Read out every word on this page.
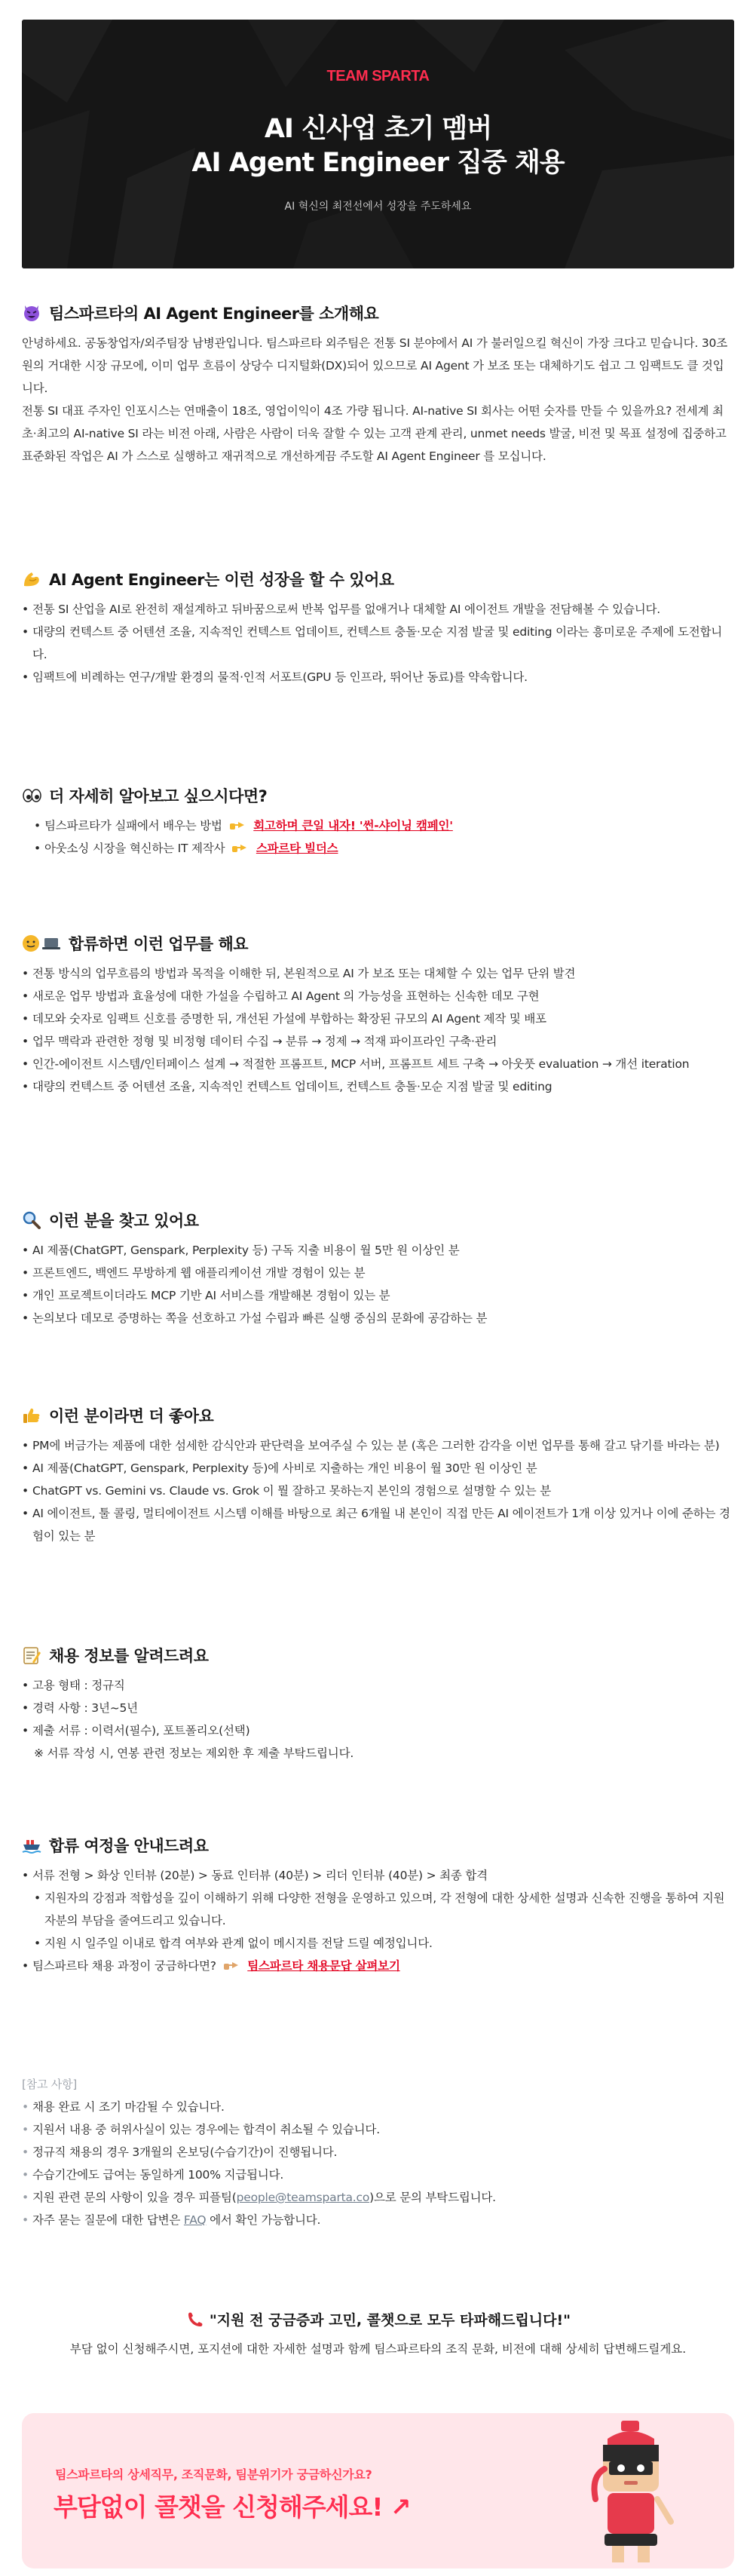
TEAM SPARTA
AI 신사업 초기 멤버
AI Agent Engineer 집중 채용
AI 혁신의 최전선에서 성장을 주도하세요
팀스파르타의 AI Agent Engineer를 소개해요

안녕하세요. 공동창업자/외주팀장 남병관입니다. 팀스파르타 외주팀은 전통 SI 분야에서 AI 가 불러일으킬 혁신이 가장 크다고 믿습니다. 30조 원의 거대한 시장 규모에, 이미 업무 흐름이 상당수 디지털화(DX)되어 있으므로 AI Agent 가 보조 또는 대체하기도 쉽고 그 임팩트도 클 것입니다.

전통 SI 대표 주자인 인포시스는 연매출이 18조, 영업이익이 4조 가량 됩니다. AI-native SI 회사는 어떤 숫자를 만들 수 있을까요? 전세계 최초·최고의 AI-native SI 라는 비전 아래, 사람은 사람이 더욱 잘할 수 있는 고객 관계 관리, unmet needs 발굴, 비전 및 목표 설정에 집중하고 표준화된 작업은 AI 가 스스로 실행하고 재귀적으로 개선하게끔 주도할 AI Agent Engineer 를 모십니다.

AI Agent Engineer는 이런 성장을 할 수 있어요
• 전통 SI 산업을 AI로 완전히 재설계하고 뒤바꿈으로써 반복 업무를 없애거나 대체할 AI 에이전트 개발을 전담해볼 수 있습니다.
• 대량의 컨텍스트 중 어텐션 조율, 지속적인 컨텍스트 업데이트, 컨텍스트 충돌·모순 지점 발굴 및 editing 이라는 흥미로운 주제에 도전합니다.
• 임팩트에 비례하는 연구/개발 환경의 물적·인적 서포트(GPU 등 인프라, 뛰어난 동료)를 약속합니다.
더 자세히 알아보고 싶으시다면?
• 팀스파르타가 실패에서 배우는 방법	회고하며 큰일 내자! '썬-샤이닝 캠페인'
• 아웃소싱 시장을 혁신하는 IT 제작사	스파르타 빌더스
합류하면 이런 업무를 해요
• 전통 방식의 업무흐름의 방법과 목적을 이해한 뒤, 본원적으로 AI 가 보조 또는 대체할 수 있는 업무 단위 발견
• 새로운 업무 방법과 효율성에 대한 가설을 수립하고 AI Agent 의 가능성을 표현하는 신속한 데모 구현
• 데모와 숫자로 임팩트 신호를 증명한 뒤, 개선된 가설에 부합하는 확장된 규모의 AI Agent 제작 및 배포
• 업무 맥락과 관련한 정형 및 비정형 데이터 수집 → 분류 → 정제 → 적재 파이프라인 구축·관리
• 인간-에이전트 시스템/인터페이스 설계 → 적절한 프롬프트, MCP 서버, 프롬프트 세트 구축 → 아웃풋 evaluation → 개선 iteration
• 대량의 컨텍스트 중 어텐션 조율, 지속적인 컨텍스트 업데이트, 컨텍스트 충돌·모순 지점 발굴 및 editing
이런 분을 찾고 있어요
• AI 제품(ChatGPT, Genspark, Perplexity 등) 구독 지출 비용이 월 5만 원 이상인 분
• 프론트엔드, 백엔드 무방하게 웹 애플리케이션 개발 경험이 있는 분
• 개인 프로젝트이더라도 MCP 기반 AI 서비스를 개발해본 경험이 있는 분
• 논의보다 데모로 증명하는 쪽을 선호하고 가설 수립과 빠른 실행 중심의 문화에 공감하는 분
이런 분이라면 더 좋아요
• PM에 버금가는 제품에 대한 섬세한 감식안과 판단력을 보여주실 수 있는 분 (혹은 그러한 감각을 이번 업무를 통해 갈고 닦기를 바라는 분)
• AI 제품(ChatGPT, Genspark, Perplexity 등)에 사비로 지출하는 개인 비용이 월 30만 원 이상인 분
• ChatGPT vs. Gemini vs. Claude vs. Grok 이 뭘 잘하고 못하는지 본인의 경험으로 설명할 수 있는 분
• AI 에이전트, 툴 콜링, 멀티에이전트 시스템 이해를 바탕으로 최근 6개월 내 본인이 직접 만든 AI 에이전트가 1개 이상 있거나 이에 준하는 경험이 있는 분
채용 정보를 알려드려요
• 고용 형태 : 정규직
• 경력 사항 : 3년~5년
• 제출 서류 : 이력서(필수), 포트폴리오(선택)

※ 서류 작성 시, 연봉 관련 정보는 제외한 후 제출 부탁드립니다.

합류 여정을 안내드려요
• 서류 전형 > 화상 인터뷰 (20분) > 동료 인터뷰 (40분) > 리더 인터뷰 (40분) > 최종 합격
• 지원자의 강점과 적합성을 깊이 이해하기 위해 다양한 전형을 운영하고 있으며, 각 전형에 대한 상세한 설명과 신속한 진행을 통하여 지원자분의 부담을 줄여드리고 있습니다.
• 지원 시 일주일 이내로 합격 여부와 관계 없이 메시지를 전달 드릴 예정입니다.
• 팀스파르타 채용 과정이 궁금하다면?	팀스파르타 채용문답 살펴보기

[참고 사항]

• 채용 완료 시 조기 마감될 수 있습니다.
• 지원서 내용 중 허위사실이 있는 경우에는 합격이 취소될 수 있습니다.
• 정규직 채용의 경우 3개월의 온보딩(수습기간)이 진행됩니다.
• 수습기간에도 급여는 동일하게 100% 지급됩니다.
• 지원 관련 문의 사항이 있을 경우 피플팀(people@teamsparta.co)으로 문의 부탁드립니다.
• 자주 묻는 질문에 대한 답변은 FAQ 에서 확인 가능합니다.
"지원 전 궁금증과 고민, 콜챗으로 모두 타파해드립니다!"
부담 없이 신청해주시면, 포지션에 대한 자세한 설명과 함께 팀스파르타의 조직 문화, 비전에 대해 상세히 답변해드릴게요.
팀스파르타의 상세직무, 조직문화, 팀분위기가 궁금하신가요?
부담없이 콜챗을 신청해주세요! ↗
